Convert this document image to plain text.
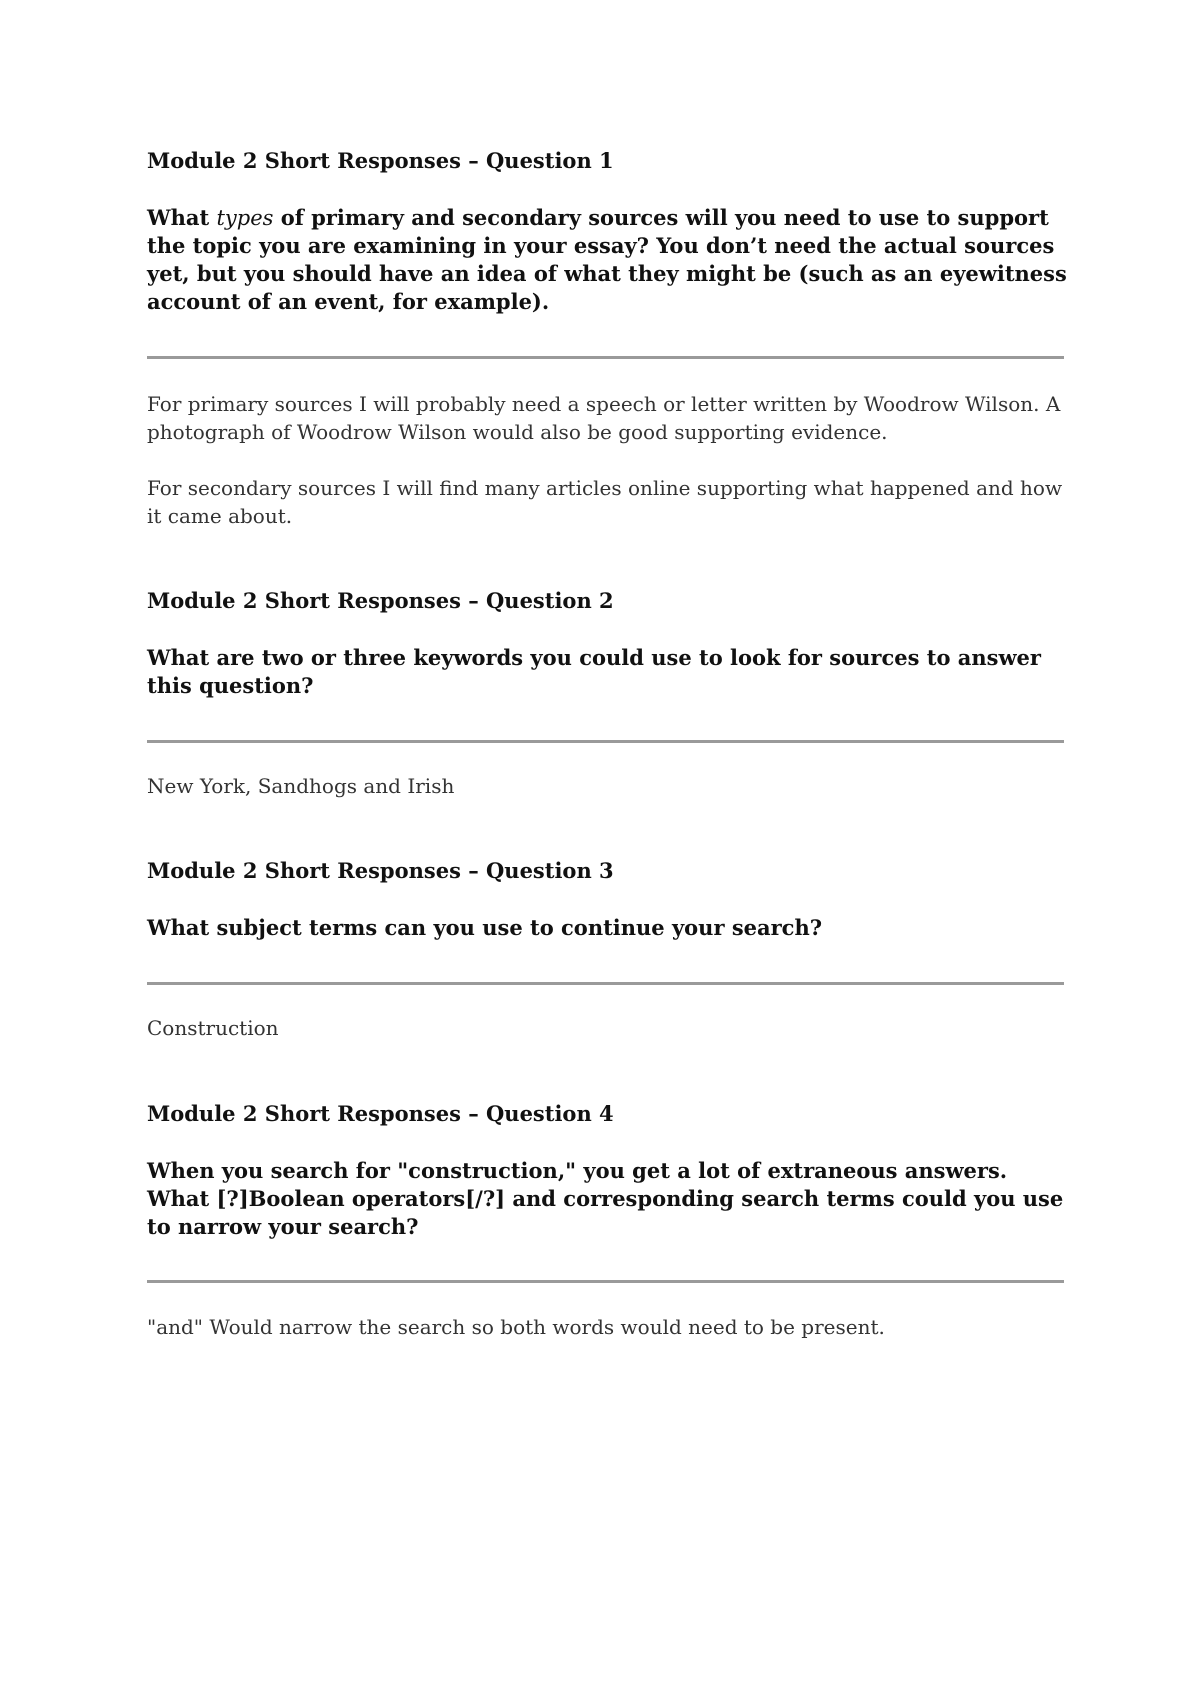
Module 2 Short Responses – Question 1

What types of primary and secondary sources will you need to use to support the topic you are examining in your essay? You don’t need the actual sources yet, but you should have an idea of what they might be (such as an eyewitness account of an event, for example).

For primary sources I will probably need a speech or letter written by Woodrow Wilson. A photograph of Woodrow Wilson would also be good supporting evidence.

For secondary sources I will find many articles online supporting what happened and how it came about.

Module 2 Short Responses – Question 2

What are two or three keywords you could use to look for sources to answer this question?

New York, Sandhogs and Irish

Module 2 Short Responses – Question 3

What subject terms can you use to continue your search?

Construction

Module 2 Short Responses – Question 4

When you search for "construction," you get a lot of extraneous answers. What [?]Boolean operators[/?] and corresponding search terms could you use to narrow your search?

"and" Would narrow the search so both words would need to be present.
